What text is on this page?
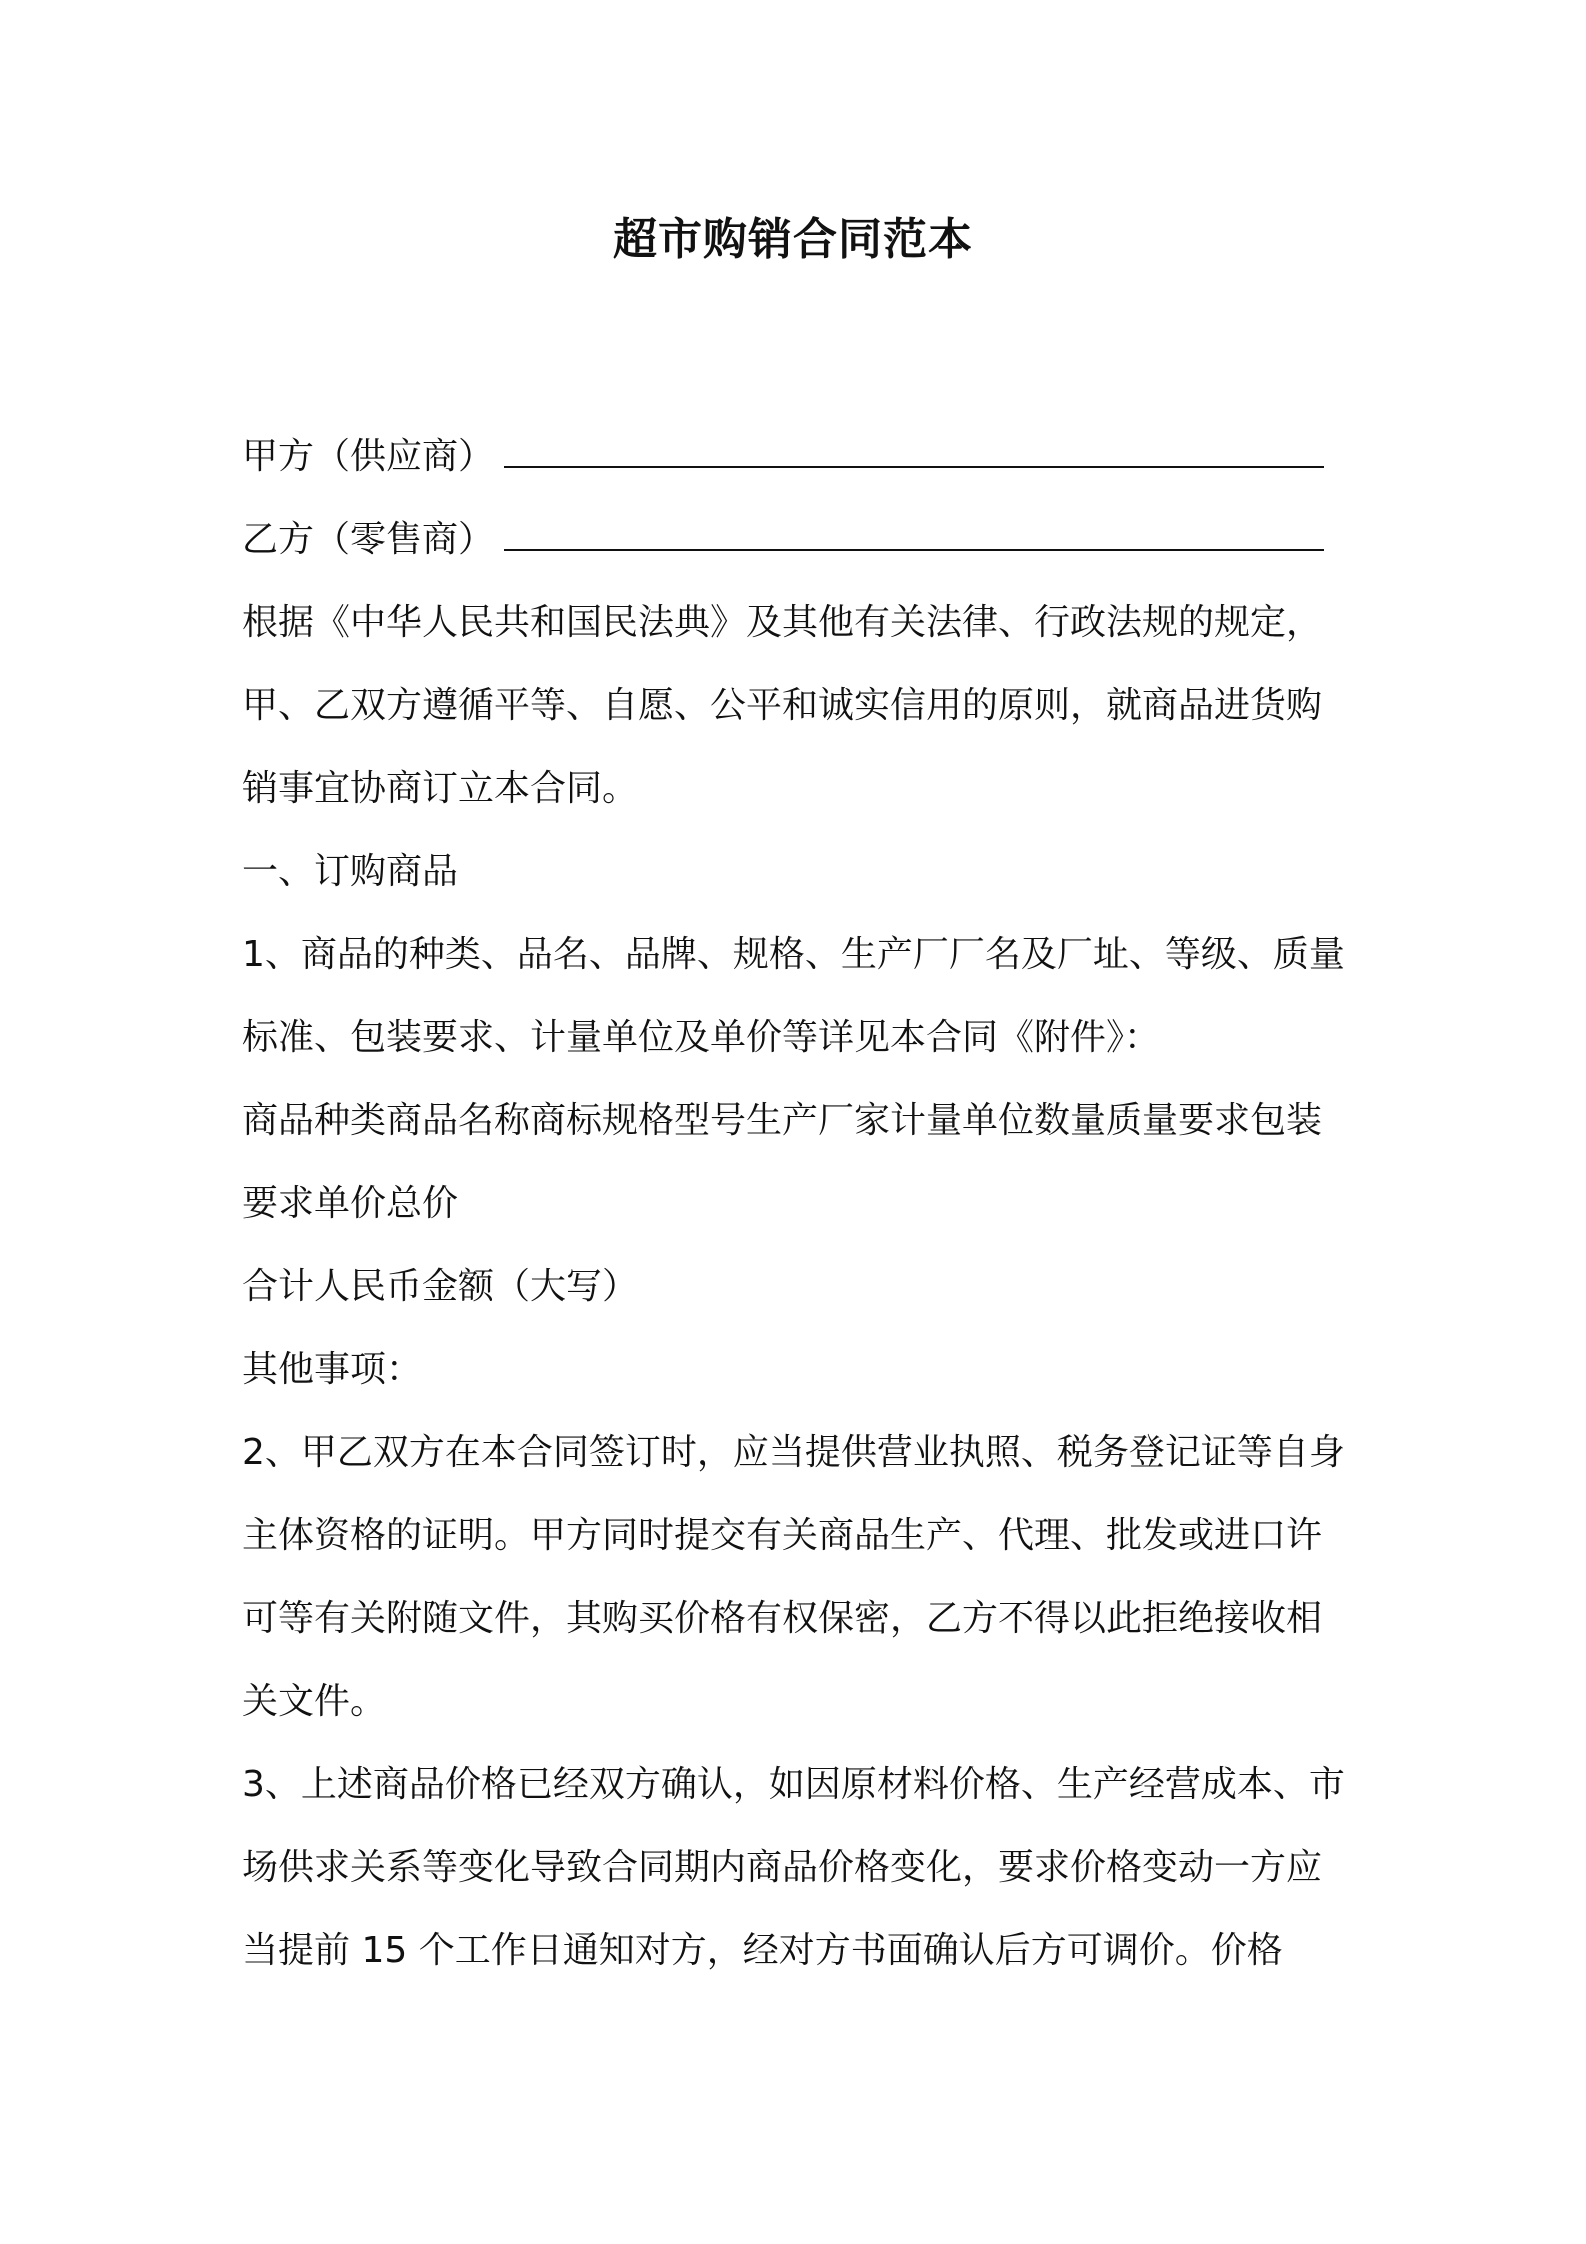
超市购销合同范本
甲方（供应商）
乙方（零售商）
根据《中华人民共和国民法典》及其他有关法律、行政法规的规定，甲、乙双方遵循平等、自愿、公平和诚实信用的原则，就商品进货购销事宜协商订立本合同。
一、订购商品
1、商品的种类、品名、品牌、规格、生产厂厂名及厂址、等级、质量标准、包装要求、计量单位及单价等详见本合同《附件》：
商品种类商品名称商标规格型号生产厂家计量单位数量质量要求包装要求单价总价
合计人民币金额（大写）
其他事项：
2、甲乙双方在本合同签订时，应当提供营业执照、税务登记证等自身主体资格的证明。甲方同时提交有关商品生产、代理、批发或进口许可等有关附随文件，其购买价格有权保密，乙方不得以此拒绝接收相关文件。
3、上述商品价格已经双方确认，如因原材料价格、生产经营成本、市场供求关系等变化导致合同期内商品价格变化，要求价格变动一方应当提前 15 个工作日通知对方，经对方书面确认后方可调价。价格
